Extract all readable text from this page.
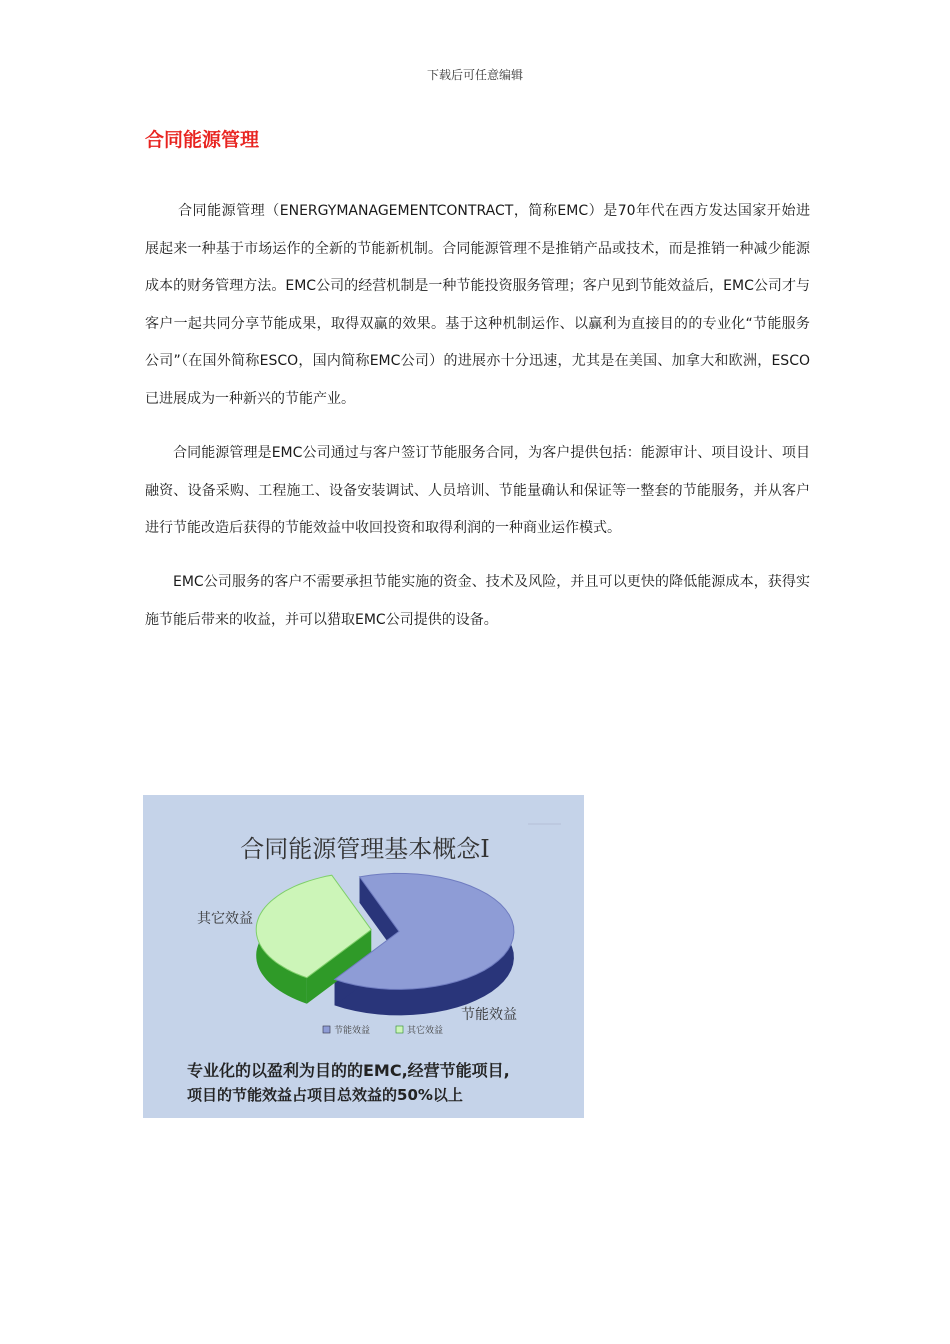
下载后可任意编辑
合同能源管理

合同能源管理（ENERGYMANAGEMENTCONTRACT，简称EMC）是70年代在西方发达国家开始进展起来一种基于市场运作的全新的节能新机制。合同能源管理不是推销产品或技术，而是推销一种减少能源成本的财务管理方法。EMC公司的经营机制是一种节能投资服务管理；客户见到节能效益后，EMC公司才与客户一起共同分享节能成果，取得双赢的效果。基于这种机制运作、以赢利为直接目的的专业化“节能服务公司”（在国外简称ESCO，国内简称EMC公司）的进展亦十分迅速，尤其是在美国、加拿大和欧洲，ESCO已进展成为一种新兴的节能产业。

合同能源管理是EMC公司通过与客户签订节能服务合同，为客户提供包括：能源审计、项目设计、项目融资、设备采购、工程施工、设备安装调试、人员培训、节能量确认和保证等一整套的节能服务，并从客户进行节能改造后获得的节能效益中收回投资和取得利润的一种商业运作模式。

EMC公司服务的客户不需要承担节能实施的资金、技术及风险，并且可以更快的降低能源成本，获得实施节能后带来的收益，并可以猎取EMC公司提供的设备。

合同能源管理基本概念I
其它效益
节能效益
节能效益	其它效益
专业化的以盈利为目的的EMC,经营节能项目,
项目的节能效益占项目总效益的50%以上
